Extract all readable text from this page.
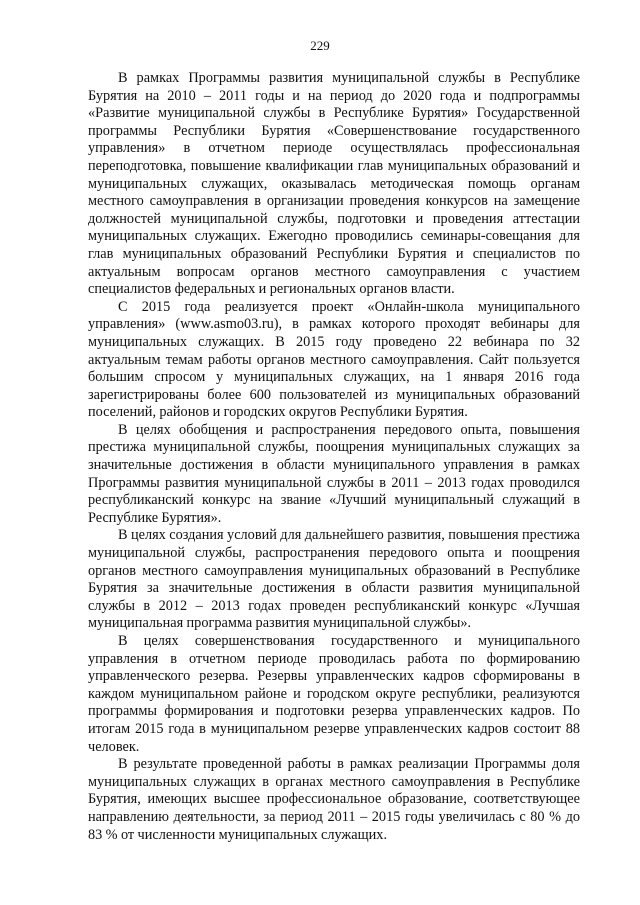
229

В рамках Программы развития муниципальной службы в Республике Бурятия на 2010 – 2011 годы и на период до 2020 года и подпрограммы «Развитие муниципальной службы в Республике Бурятия» Государственной программы Республики Бурятия «Совершенствование государственного управления» в отчетном периоде осуществлялась профессиональная переподготовка, повышение квалификации глав муниципальных образований и муниципальных служащих, оказывалась методическая помощь органам местного самоуправления в организации проведения конкурсов на замещение должностей муниципальной службы, подготовки и проведения аттестации муниципальных служащих. Ежегодно проводились семинары-совещания для глав муниципальных образований Республики Бурятия и специалистов по актуальным вопросам органов местного самоуправления с участием специалистов федеральных и региональных органов власти.

С 2015 года реализуется проект «Онлайн-школа муниципального управления» (www.asmo03.ru), в рамках которого проходят вебинары для муниципальных служащих. В 2015 году проведено 22 вебинара по 32 актуальным темам работы органов местного самоуправления. Сайт пользуется большим спросом у муниципальных служащих, на 1 января 2016 года зарегистрированы более 600 пользователей из муниципальных образований поселений, районов и городских округов Республики Бурятия.

В целях обобщения и распространения передового опыта, повышения престижа муниципальной службы, поощрения муниципальных служащих за значительные достижения в области муниципального управления в рамках Программы развития муниципальной службы в 2011 – 2013 годах проводился республиканский конкурс на звание «Лучший муниципальный служащий в Республике Бурятия».

В целях создания условий для дальнейшего развития, повышения престижа муниципальной службы, распространения передового опыта и поощрения органов местного самоуправления муниципальных образований в Республике Бурятия за значительные достижения в области развития муниципальной службы в 2012 – 2013 годах проведен республиканский конкурс «Лучшая муниципальная программа развития муниципальной службы».

В целях совершенствования государственного и муниципального управления в отчетном периоде проводилась работа по формированию управленческого резерва. Резервы управленческих кадров сформированы в каждом муниципальном районе и городском округе республики, реализуются программы формирования и подготовки резерва управленческих кадров. По итогам 2015 года в муниципальном резерве управленческих кадров состоит 88 человек.

В результате проведенной работы в рамках реализации Программы доля муниципальных служащих в органах местного самоуправления в Республике Бурятия, имеющих высшее профессиональное образование, соответствующее направлению деятельности, за период 2011 – 2015 годы увеличилась с 80 % до 83 % от численности муниципальных служащих.
